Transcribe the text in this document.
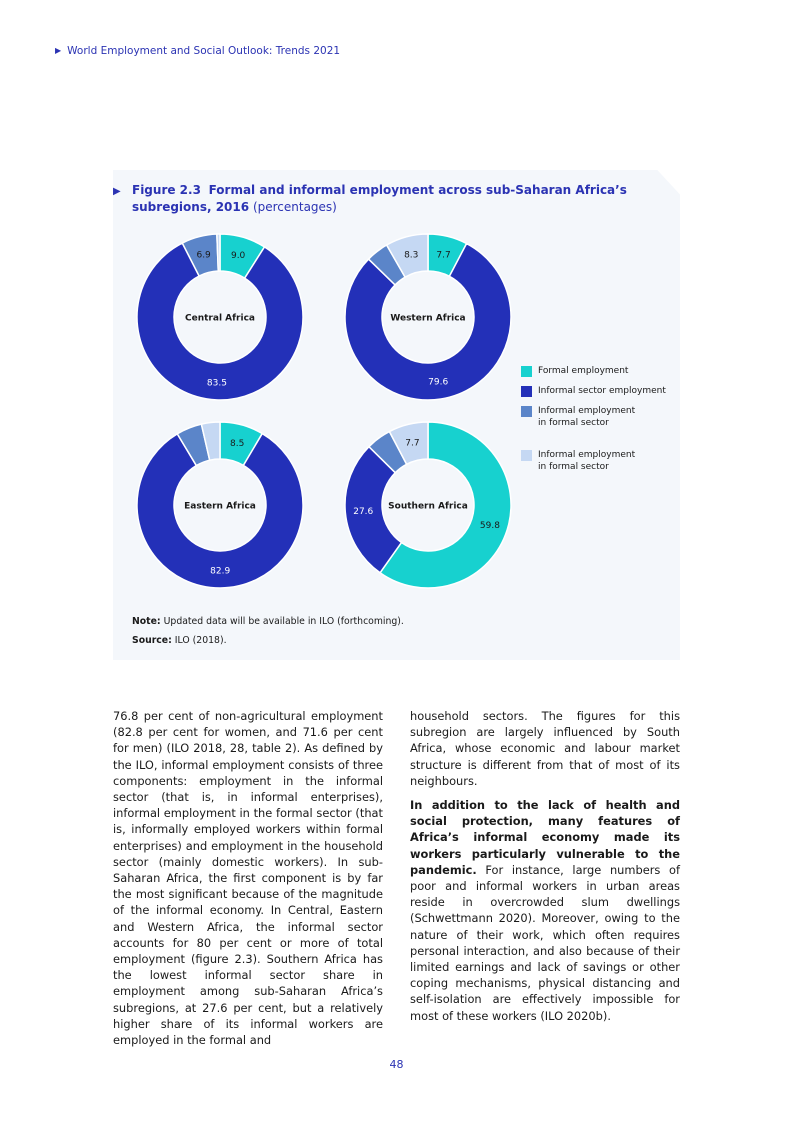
▶ World Employment and Social Outlook: Trends 2021
▶ Figure 2.3 Formal and informal employment across sub-Saharan Africa’s subregions, 2016 (percentages)
9.0
83.5
6.9
Central Africa
7.7
79.6
8.3
Western Africa
8.5
82.9
Eastern Africa
59.8
27.6
7.7
Southern Africa
Formal employment
Informal sector employment
Informal employment
in formal sector
Informal employment
in formal sector
Note: Updated data will be available in ILO (forthcoming).
Source: ILO (2018).

76.8 per cent of non-agricultural employment (82.8 per cent for women, and 71.6 per cent for men) (ILO 2018, 28, table 2). As defined by the ILO, informal employment consists of three components: employment in the informal sector (that is, in informal enterprises), informal employment in the formal sector (that is, informally employed workers within formal enterprises) and employment in the household sector (mainly domestic workers). In sub-Saharan Africa, the first component is by far the most significant because of the magnitude of the informal economy. In Central, Eastern and Western Africa, the informal sector accounts for 80 per cent or more of total employment (figure 2.3). Southern Africa has the lowest informal sector share in employment among sub-Saharan Africa’s subregions, at 27.6 per cent, but a relatively higher share of its informal workers are employed in the formal and

household sectors. The figures for this subregion are largely influenced by South Africa, whose economic and labour market structure is different from that of most of its neighbours.

In addition to the lack of health and social protection, many features of Africa’s informal economy made its workers particularly vulnerable to the pandemic. For instance, large numbers of poor and informal workers in urban areas reside in overcrowded slum dwellings (Schwettmann 2020). Moreover, owing to the nature of their work, which often requires personal interaction, and also because of their limited earnings and lack of savings or other coping mechanisms, physical distancing and self-isolation are effectively impossible for most of these workers (ILO 2020b).

48
